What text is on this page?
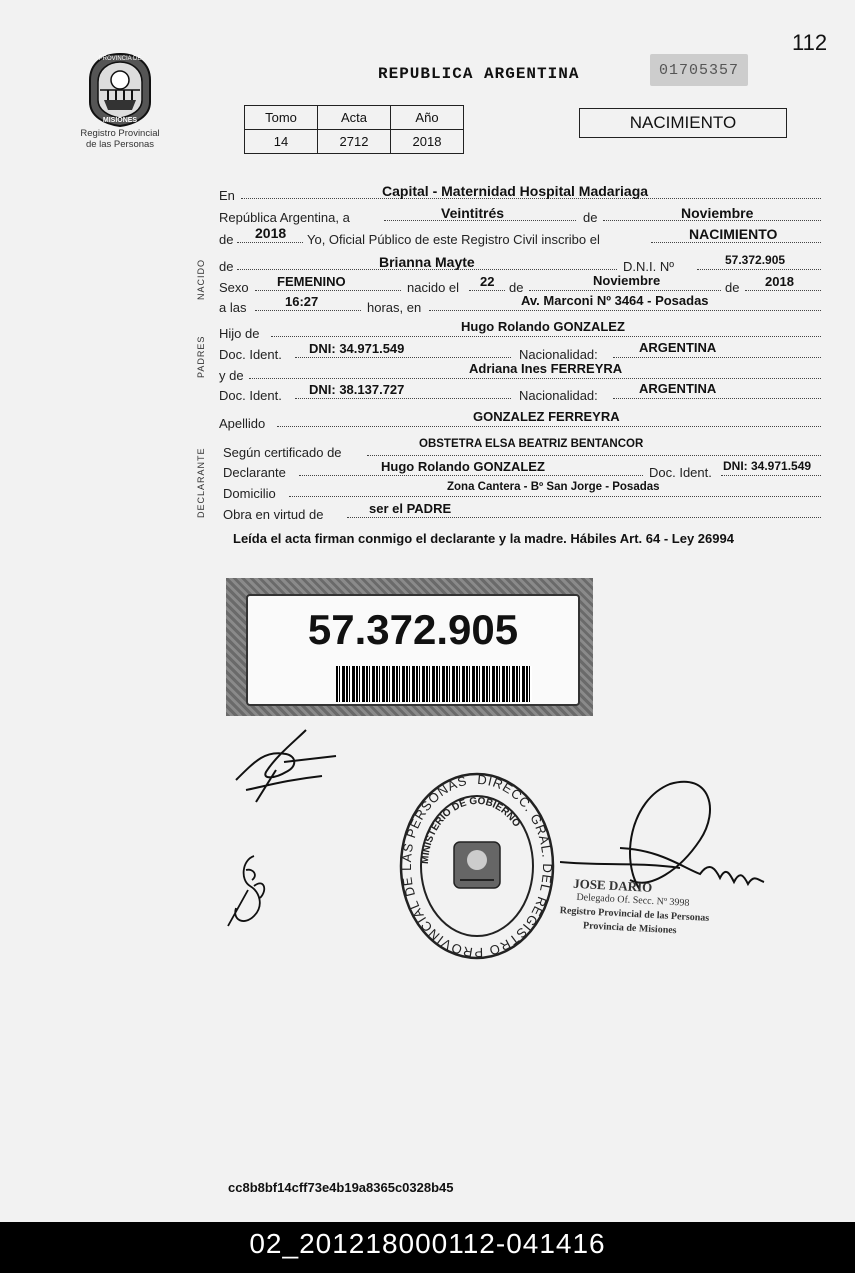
112
PROVINCIA DE
MISIONES
Registro Provincial
de las Personas
REPUBLICA ARGENTINA	01705357
Tomo	Acta	Año
14	2712	2018
NACIMIENTO
NACIDO
PADRES
DECLARANTE
En	Capital - Maternidad Hospital Madariaga
República Argentina, a	Veintitrés	de	Noviembre
de 2018 Yo, Oficial Público de este Registro Civil inscribo el	NACIMIENTO
de	Brianna Mayte	D.N.I. Nº	57.372.905
Sexo FEMENINO	nacido el 22 de	Noviembre	de 2018
a las	16:27	horas, en	Av. Marconi Nº 3464 - Posadas
Hijo de	Hugo Rolando GONZALEZ
Doc. Ident. DNI: 34.971.549	Nacionalidad:	ARGENTINA
y de	Adriana Ines FERREYRA
Doc. Ident. DNI: 38.137.727	Nacionalidad:	ARGENTINA
Apellido	GONZALEZ FERREYRA
Según certificado de
OBSTETRA ELSA BEATRIZ BENTANCOR
Declarante	Hugo Rolando GONZALEZ	Doc. Ident. DNI: 34.971.549
Domicilio	Zona Cantera - Bº San Jorge - Posadas
Obra en virtud de	ser el PADRE
Leída el acta firman conmigo el declarante y la madre. Hábiles Art. 64 - Ley 26994
57.372.905
DIRECC. GRAL. DEL REGISTRO PROVINCIAL DE LAS PERSONAS
MINISTERIO DE GOBIERNO
JOSE DARIO
Delegado Of. Secc. Nº 3998
Registro Provincial de las Personas
Provincia de Misiones
cc8b8bf14cff73e4b19a8365c0328b45
02_201218000112-041416
